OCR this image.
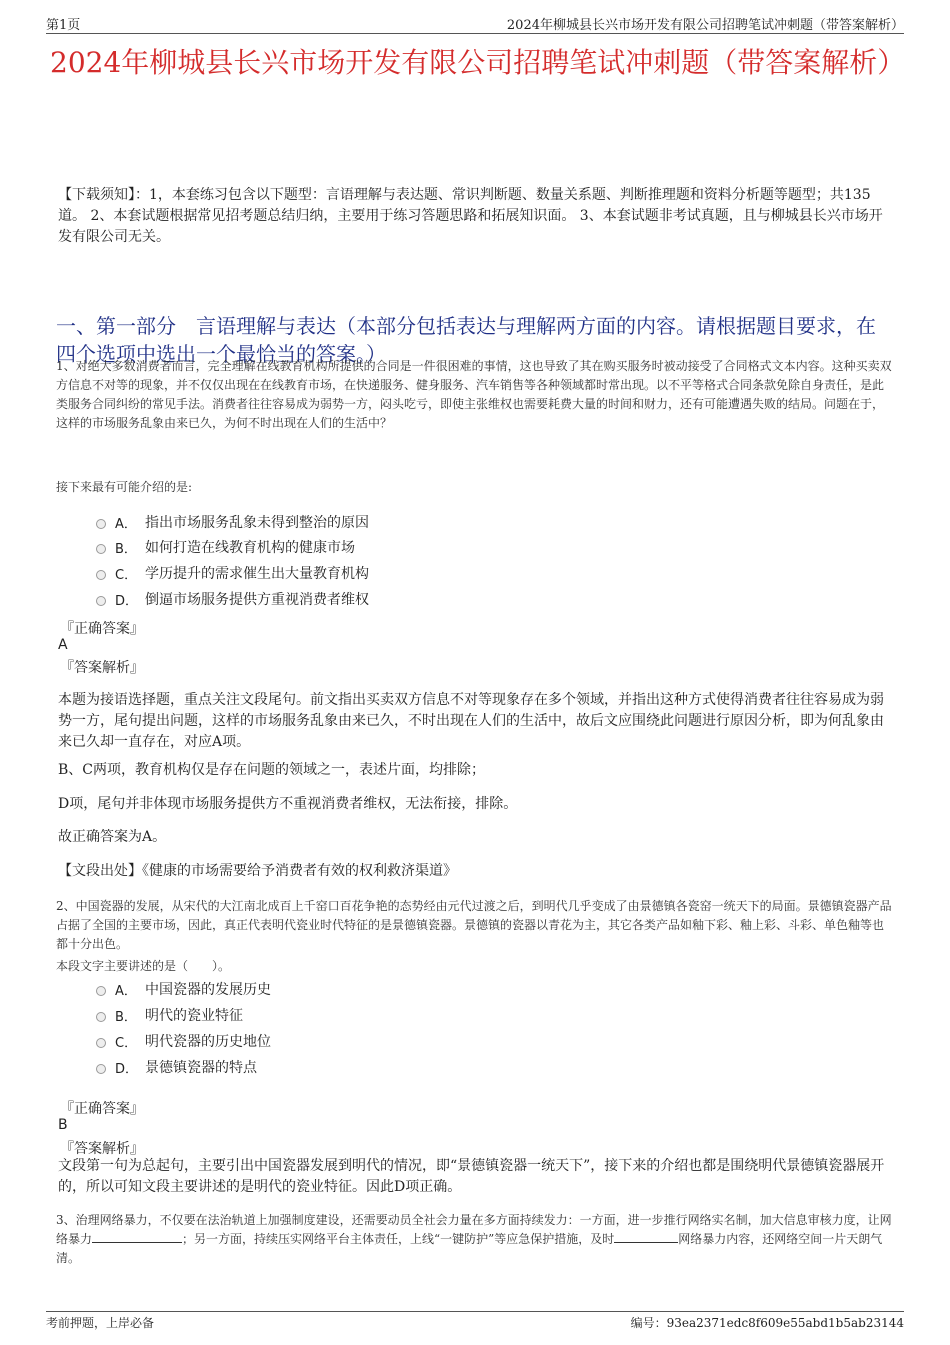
第1页	2024年柳城县长兴市场开发有限公司招聘笔试冲刺题（带答案解析）
2024年柳城县长兴市场开发有限公司招聘笔试冲刺题（带答案解析）
【下载须知】：1，本套练习包含以下题型：言语理解与表达题、常识判断题、数量关系题、判断推理题和资料分析题等题型；共135道。 2、本套试题根据常见招考题总结归纳，主要用于练习答题思路和拓展知识面。 3、本套试题非考试真题，且与柳城县长兴市场开发有限公司无关。
一、第一部分　言语理解与表达（本部分包括表达与理解两方面的内容。请根据题目要求，在四个选项中选出一个最恰当的答案。）
1、对绝大多数消费者而言，完全理解在线教育机构所提供的合同是一件很困难的事情，这也导致了其在购买服务时被动接受了合同格式文本内容。这种买卖双方信息不对等的现象，并不仅仅出现在在线教育市场，在快递服务、健身服务、汽车销售等各种领域都时常出现。以不平等格式合同条款免除自身责任，是此类服务合同纠纷的常见手法。消费者往往容易成为弱势一方，闷头吃亏，即使主张维权也需要耗费大量的时间和财力，还有可能遭遇失败的结局。问题在于，这样的市场服务乱象由来已久，为何不时出现在人们的生活中？
接下来最有可能介绍的是:
A． 指出市场服务乱象未得到整治的原因
B． 如何打造在线教育机构的健康市场
C． 学历提升的需求催生出大量教育机构
D． 倒逼市场服务提供方重视消费者维权
『正确答案』
A
『答案解析』
本题为接语选择题，重点关注文段尾句。前文指出买卖双方信息不对等现象存在多个领域，并指出这种方式使得消费者往往容易成为弱势一方，尾句提出问题，这样的市场服务乱象由来已久，不时出现在人们的生活中，故后文应围绕此问题进行原因分析，即为何乱象由来已久却一直存在，对应A项。
B、C两项，教育机构仅是存在问题的领域之一，表述片面，均排除；
D项，尾句并非体现市场服务提供方不重视消费者维权，无法衔接，排除。
故正确答案为A。
【文段出处】《健康的市场需要给予消费者有效的权利救济渠道》
2、中国瓷器的发展，从宋代的大江南北成百上千窑口百花争艳的态势经由元代过渡之后，到明代几乎变成了由景德镇各瓷窑一统天下的局面。景德镇瓷器产品占据了全国的主要市场，因此，真正代表明代瓷业时代特征的是景德镇瓷器。景德镇的瓷器以青花为主，其它各类产品如釉下彩、釉上彩、斗彩、单色釉等也都十分出色。
本段文字主要讲述的是（　　）。
A． 中国瓷器的发展历史
B． 明代的瓷业特征
C． 明代瓷器的历史地位
D． 景德镇瓷器的特点
『正确答案』
B
『答案解析』
文段第一句为总起句，主要引出中国瓷器发展到明代的情况，即“景德镇瓷器一统天下”，接下来的介绍也都是围绕明代景德镇瓷器展开的，所以可知文段主要讲述的是明代的瓷业特征。因此D项正确。
3、治理网络暴力，不仅要在法治轨道上加强制度建设，还需要动员全社会力量在多方面持续发力：一方面，进一步推行网络实名制，加大信息审核力度，让网络暴力	；另一方面，持续压实网络平台主体责任，上线“一键防护”等应急保护措施，及时	网络暴力内容，还网络空间一片天朗气清。
考前押题，上岸必备	编号：93ea2371edc8f609e55abd1b5ab23144
